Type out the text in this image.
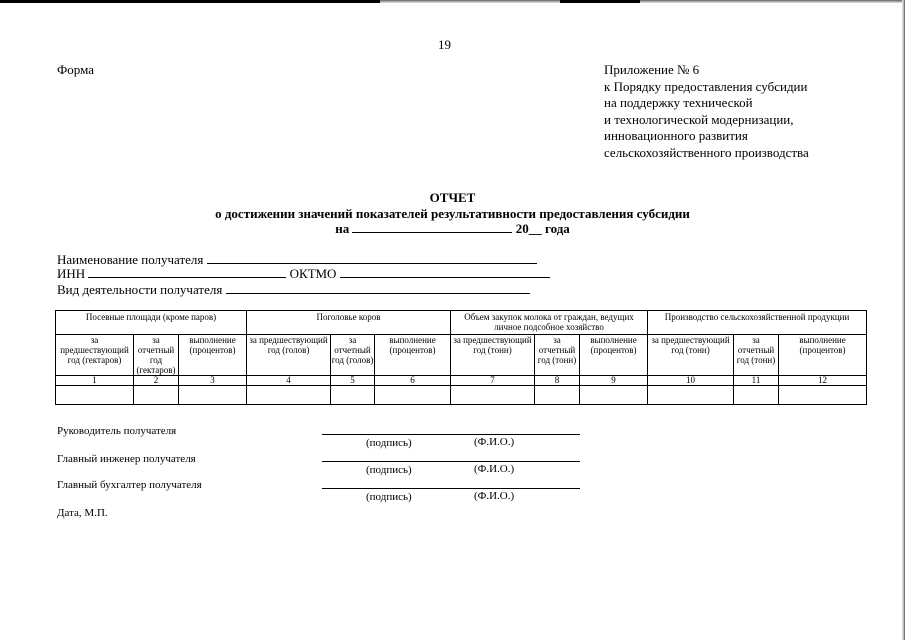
19
Форма	Приложение № 6
к Порядку предоставления субсидии
на поддержку технической
и технологической модернизации,
инновационного развития
сельскохозяйственного производства
ОТЧЕТ
о достижении значений показателей результативности предоставления субсидии
на	20__ года
Наименование получателя
ИНН	ОКТМО
Вид деятельности получателя
Посевные площади (кроме паров)			Поголовье коров			Объем закупок молока от граждан, ведущих личное подсобное хозяйство			Производство сельскохозяйственной продукции		
за предшествующий год (гектаров)	за отчетный год (гектаров)	выполнение (процентов)	за предшествующий год (голов)	за отчетный год (голов)	выполнение (процентов)	за предшествующий год (тонн)	за отчетный год (тонн)	выполнение (процентов)	за предшествующий год (тонн)	за отчетный год (тонн)	выполнение (процентов)
1	2	3	4	5	6	7	8	9	10	11	12

Руководитель получателя
(подпись)	(Ф.И.О.)
Главный инженер получателя
(подпись)	(Ф.И.О.)
Главный бухгалтер получателя
(подпись)	(Ф.И.О.)
Дата, М.П.
